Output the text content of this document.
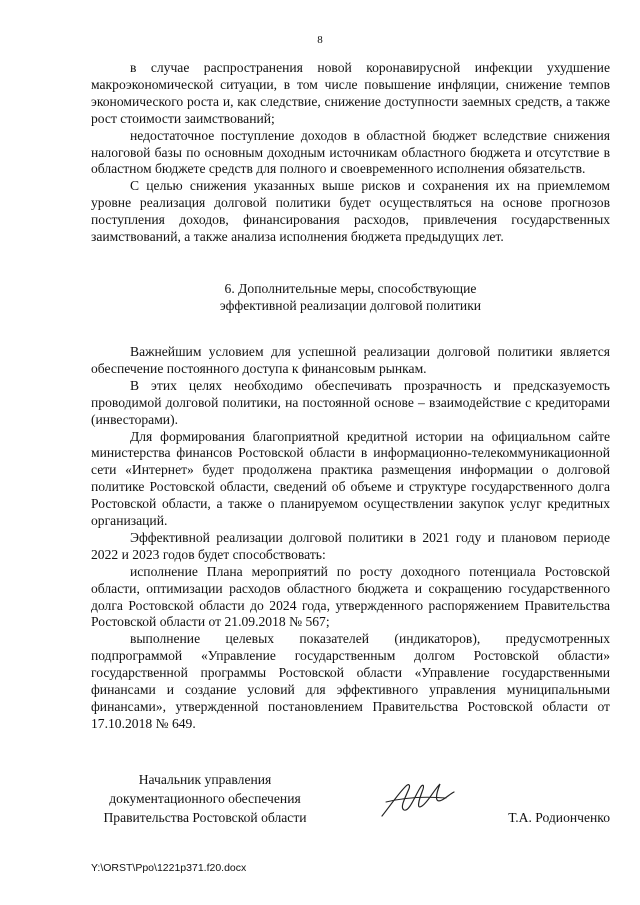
8

в случае распространения новой коронавирусной инфекции ухудшение макроэкономической ситуации, в том числе повышение инфляции, снижение темпов экономического роста и, как следствие, снижение доступности заемных средств, а также рост стоимости заимствований;

недостаточное поступление доходов в областной бюджет вследствие снижения налоговой базы по основным доходным источникам областного бюджета и отсутствие в областном бюджете средств для полного и своевременного исполнения обязательств.

С целью снижения указанных выше рисков и сохранения их на приемлемом уровне реализация долговой политики будет осуществляться на основе прогнозов поступления доходов, финансирования расходов, привлечения государственных заимствований, а также анализа исполнения бюджета предыдущих лет.

6. Дополнительные меры, способствующие
эффективной реализации долговой политики

Важнейшим условием для успешной реализации долговой политики является обеспечение постоянного доступа к финансовым рынкам.

В этих целях необходимо обеспечивать прозрачность и предсказуемость проводимой долговой политики, на постоянной основе – взаимодействие с кредиторами (инвесторами).

Для формирования благоприятной кредитной истории на официальном сайте министерства финансов Ростовской области в информационно-телекоммуникационной сети «Интернет» будет продолжена практика размещения информации о долговой политике Ростовской области, сведений об объеме и структуре государственного долга Ростовской области, а также о планируемом осуществлении закупок услуг кредитных организаций.

Эффективной реализации долговой политики в 2021 году и плановом периоде 2022 и 2023 годов будет способствовать:

исполнение Плана мероприятий по росту доходного потенциала Ростовской области, оптимизации расходов областного бюджета и сокращению государственного долга Ростовской области до 2024 года, утвержденного распоряжением Правительства Ростовской области от 21.09.2018 № 567;

выполнение целевых показателей (индикаторов), предусмотренных подпрограммой «Управление государственным долгом Ростовской области» государственной программы Ростовской области «Управление государственными финансами и создание условий для эффективного управления муниципальными финансами», утвержденной постановлением Правительства Ростовской области от 17.10.2018 № 649.

Начальник управления
документационного обеспечения
Правительства Ростовской области	Т.А. Родионченко
Y:\ORST\Ppo\1221p371.f20.docx
